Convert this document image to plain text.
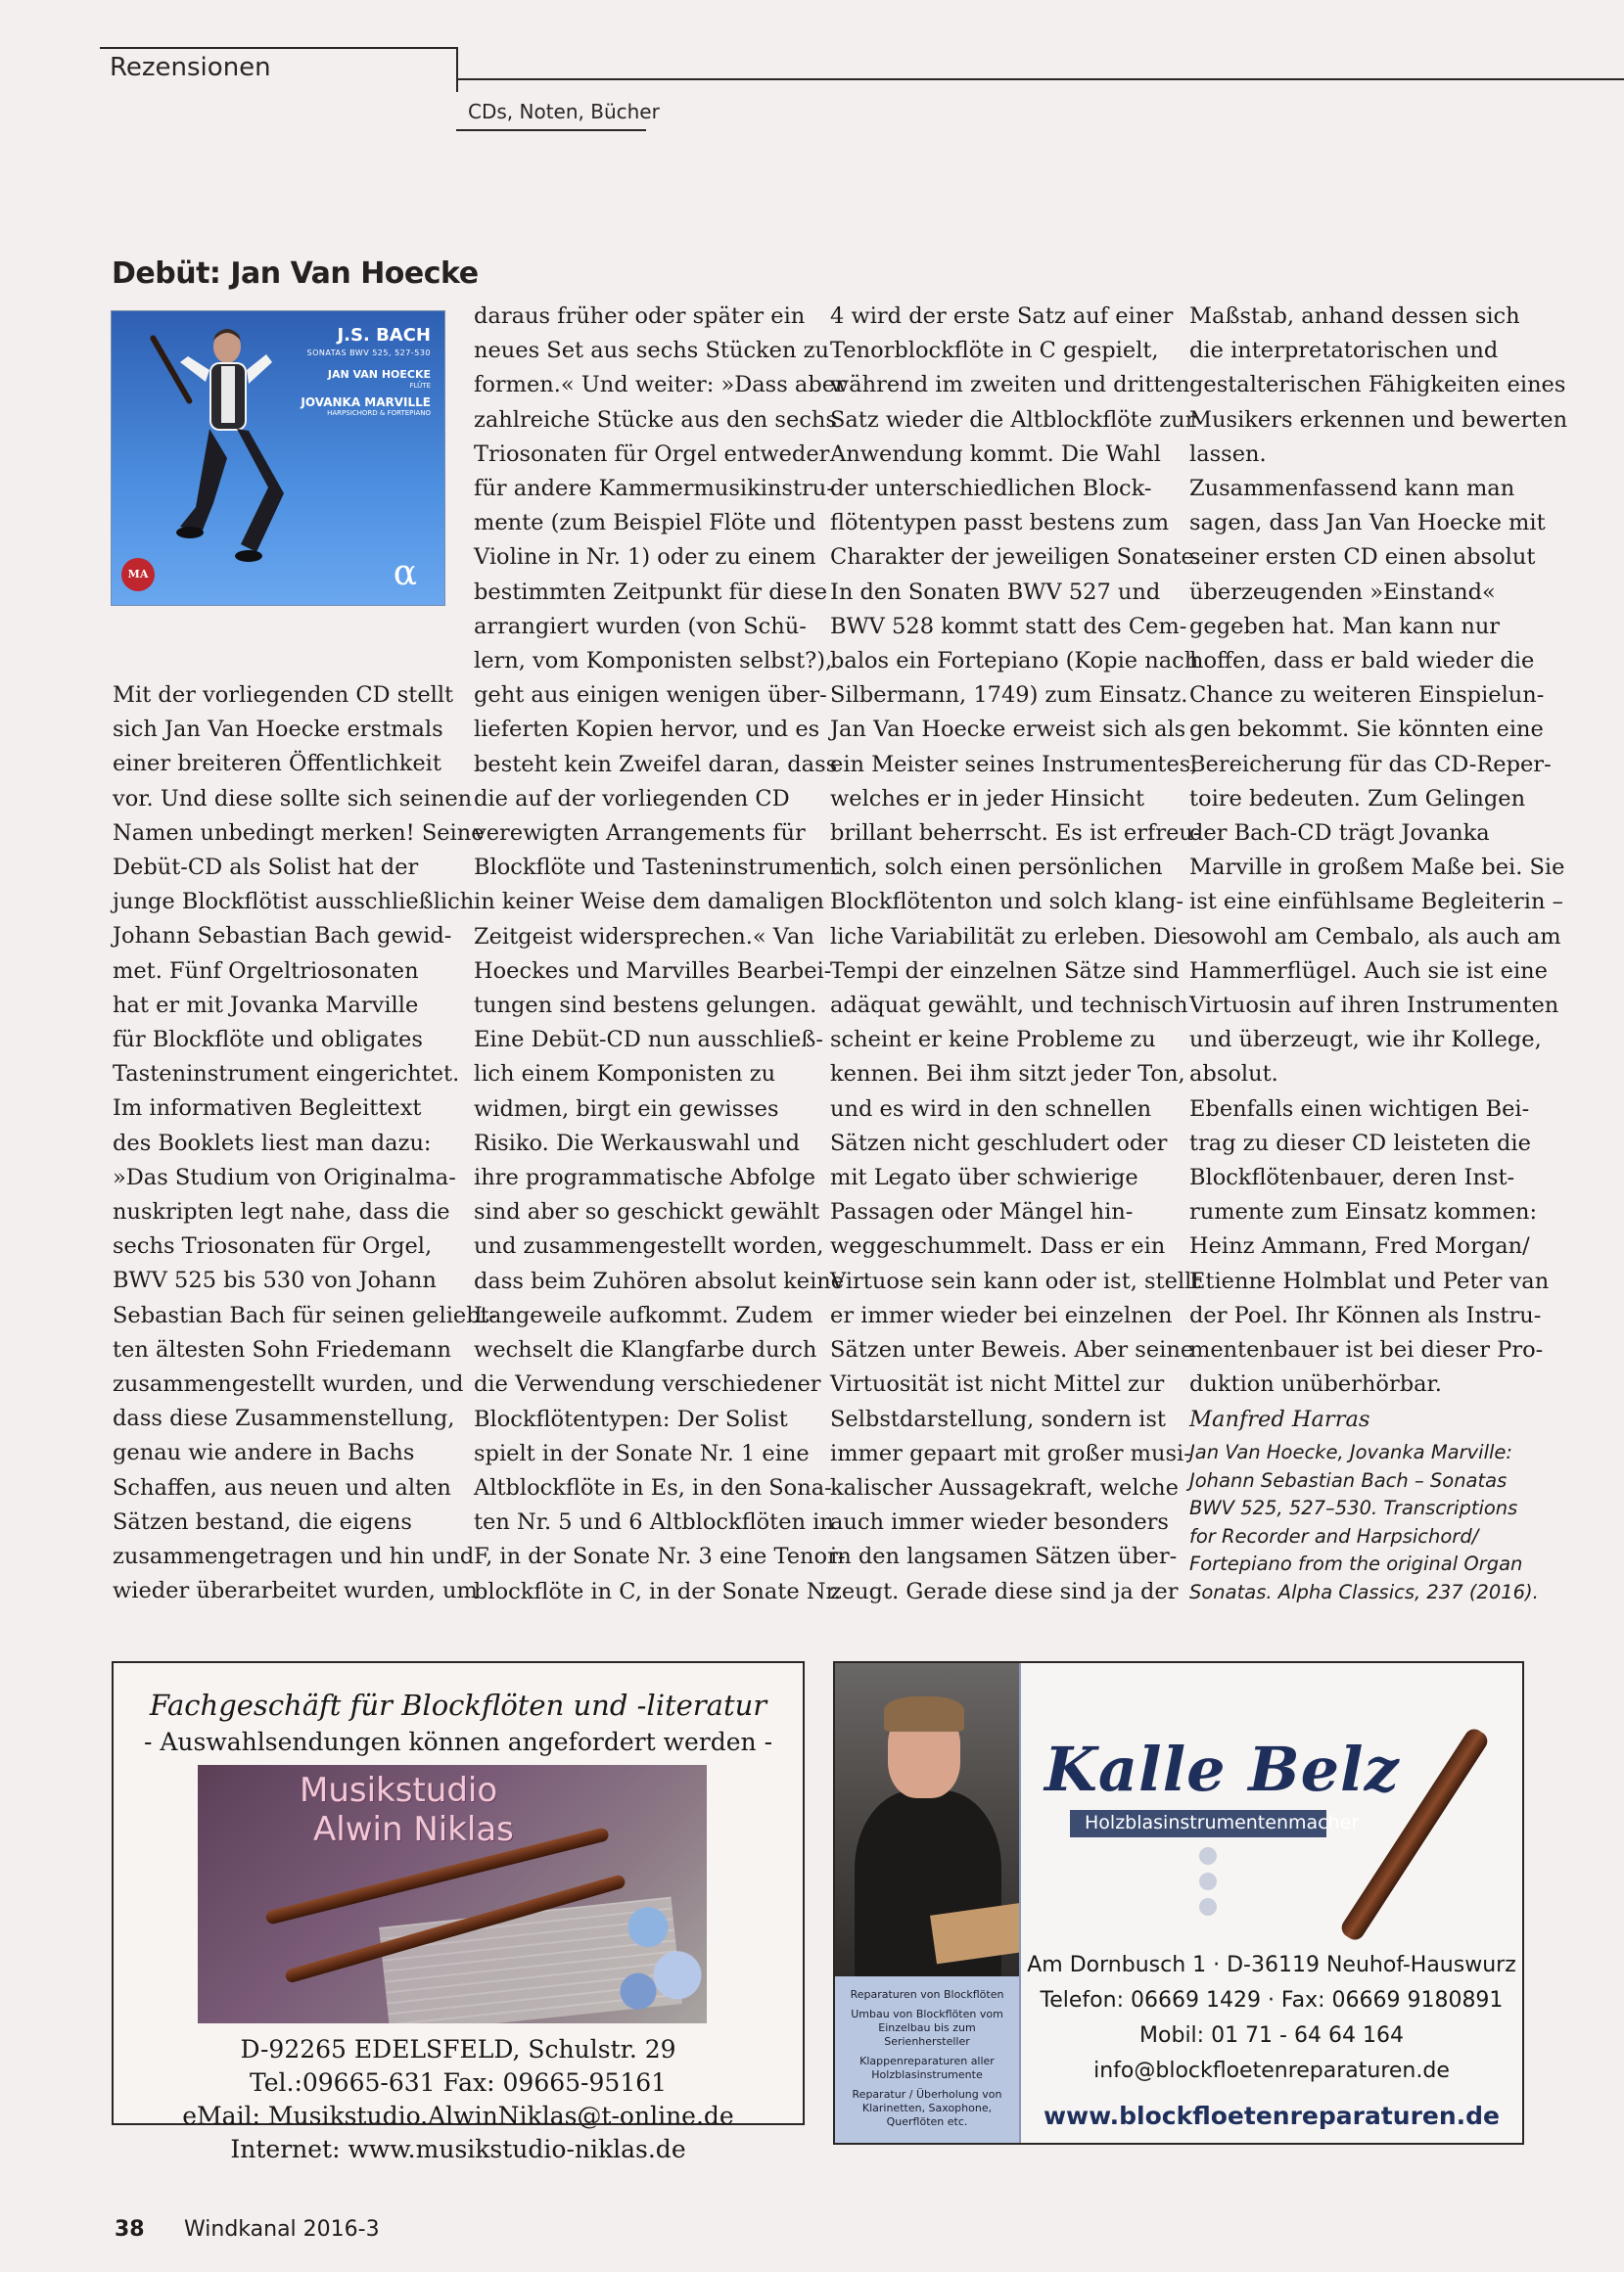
Rezensionen
CDs, Noten, Bücher
Debüt: Jan Van Hoecke
J.S. BACH
SONATAS BWV 525, 527-530
JAN VAN HOECKE
FLÛTE
JOVANKA MARVILLE
HARPSICHORD & FORTEPIANO
α
MA
Mit der vorliegenden CD stellt
sich Jan Van Hoecke erstmals
einer breiteren Öffentlichkeit
vor. Und diese sollte sich seinen
Namen unbedingt merken! Seine
Debüt-CD als Solist hat der
junge Blockflötist ausschließlich
Johann Sebastian Bach gewid-
met. Fünf Orgeltriosonaten
hat er mit Jovanka Marville
für Blockflöte und obligates
Tasteninstrument eingerichtet.
Im informativen Begleittext
des Booklets liest man dazu:
»Das Studium von Originalma-
nuskripten legt nahe, dass die
sechs Triosonaten für Orgel,
BWV 525 bis 530 von Johann
Sebastian Bach für seinen geliebt-
ten ältesten Sohn Friedemann
zusammengestellt wurden, und
dass diese Zusammenstellung,
genau wie andere in Bachs
Schaffen, aus neuen und alten
Sätzen bestand, die eigens
zusammengetragen und hin und
wieder überarbeitet wurden, um
daraus früher oder später ein
neues Set aus sechs Stücken zu
formen.« Und weiter: »Dass aber
zahlreiche Stücke aus den sechs
Triosonaten für Orgel entweder
für andere Kammermusikinstru-
mente (zum Beispiel Flöte und
Violine in Nr. 1) oder zu einem
bestimmten Zeitpunkt für diese
arrangiert wurden (von Schü-
lern, vom Komponisten selbst?),
geht aus einigen wenigen über-
lieferten Kopien hervor, und es
besteht kein Zweifel daran, dass
die auf der vorliegenden CD
verewigten Arrangements für
Blockflöte und Tasteninstrument
in keiner Weise dem damaligen
Zeitgeist widersprechen.« Van
Hoeckes und Marvilles Bearbei-
tungen sind bestens gelungen.
Eine Debüt-CD nun ausschließ-
lich einem Komponisten zu
widmen, birgt ein gewisses
Risiko. Die Werkauswahl und
ihre programmatische Abfolge
sind aber so geschickt gewählt
und zusammengestellt worden,
dass beim Zuhören absolut keine
Langeweile aufkommt. Zudem
wechselt die Klangfarbe durch
die Verwendung verschiedener
Blockflötentypen: Der Solist
spielt in der Sonate Nr. 1 eine
Altblockflöte in Es, in den Sona-
ten Nr. 5 und 6 Altblockflöten in
F, in der Sonate Nr. 3 eine Tenor-
blockflöte in C, in der Sonate Nr.
4 wird der erste Satz auf einer
Tenorblockflöte in C gespielt,
während im zweiten und dritten
Satz wieder die Altblockflöte zur
Anwendung kommt. Die Wahl
der unterschiedlichen Block-
flötentypen passt bestens zum
Charakter der jeweiligen Sonate.
In den Sonaten BWV 527 und
BWV 528 kommt statt des Cem-
balos ein Fortepiano (Kopie nach
Silbermann, 1749) zum Einsatz.
Jan Van Hoecke erweist sich als
ein Meister seines Instrumentes,
welches er in jeder Hinsicht
brillant beherrscht. Es ist erfreu-
lich, solch einen persönlichen
Blockflötenton und solch klang-
liche Variabilität zu erleben. Die
Tempi der einzelnen Sätze sind
adäquat gewählt, und technisch
scheint er keine Probleme zu
kennen. Bei ihm sitzt jeder Ton,
und es wird in den schnellen
Sätzen nicht geschludert oder
mit Legato über schwierige
Passagen oder Mängel hin-
weggeschummelt. Dass er ein
Virtuose sein kann oder ist, stellt
er immer wieder bei einzelnen
Sätzen unter Beweis. Aber seine
Virtuosität ist nicht Mittel zur
Selbstdarstellung, sondern ist
immer gepaart mit großer musi-
kalischer Aussagekraft, welche
auch immer wieder besonders
in den langsamen Sätzen über-
zeugt. Gerade diese sind ja der
Maßstab, anhand dessen sich
die interpretatorischen und
gestalterischen Fähigkeiten eines
Musikers erkennen und bewerten
lassen.
Zusammenfassend kann man
sagen, dass Jan Van Hoecke mit
seiner ersten CD einen absolut
überzeugenden »Einstand«
gegeben hat. Man kann nur
hoffen, dass er bald wieder die
Chance zu weiteren Einspielun-
gen bekommt. Sie könnten eine
Bereicherung für das CD-Reper-
toire bedeuten. Zum Gelingen
der Bach-CD trägt Jovanka
Marville in großem Maße bei. Sie
ist eine einfühlsame Begleiterin –
sowohl am Cembalo, als auch am
Hammerflügel. Auch sie ist eine
Virtuosin auf ihren Instrumenten
und überzeugt, wie ihr Kollege,
absolut.
Ebenfalls einen wichtigen Bei-
trag zu dieser CD leisteten die
Blockflötenbauer, deren Inst-
rumente zum Einsatz kommen:
Heinz Ammann, Fred Morgan/
Etienne Holmblat und Peter van
der Poel. Ihr Können als Instru-
mentenbauer ist bei dieser Pro-
duktion unüberhörbar.
Manfred Harras
Jan Van Hoecke, Jovanka Marville:
Johann Sebastian Bach – Sonatas
BWV 525, 527–530. Transcriptions
for Recorder and Harpsichord/
Fortepiano from the original Organ
Sonatas. Alpha Classics, 237 (2016).
Fachgeschäft für Blockflöten und -literatur
- Auswahlsendungen können angefordert werden -
Musikstudio
Alwin Niklas
D-92265 EDELSFELD, Schulstr. 29
Tel.:09665-631 Fax: 09665-95161
eMail: Musikstudio.AlwinNiklas@t-online.de
Internet: www.musikstudio-niklas.de
Reparaturen von Blockflöten
Umbau von Blockflöten vom Einzelbau bis zum Serienhersteller
Klappenreparaturen aller Holzblasinstrumente
Reparatur / Überholung von Klarinetten, Saxophone, Querflöten etc.
Kalle Belz
Holzblasinstrumentenmacher
Am Dornbusch 1 · D-36119 Neuhof-Hauswurz
Telefon: 06669 1429 · Fax: 06669 9180891
Mobil: 01 71 - 64 64 164
info@blockfloetenreparaturen.de
www.blockfloetenreparaturen.de
38 Windkanal 2016-3
